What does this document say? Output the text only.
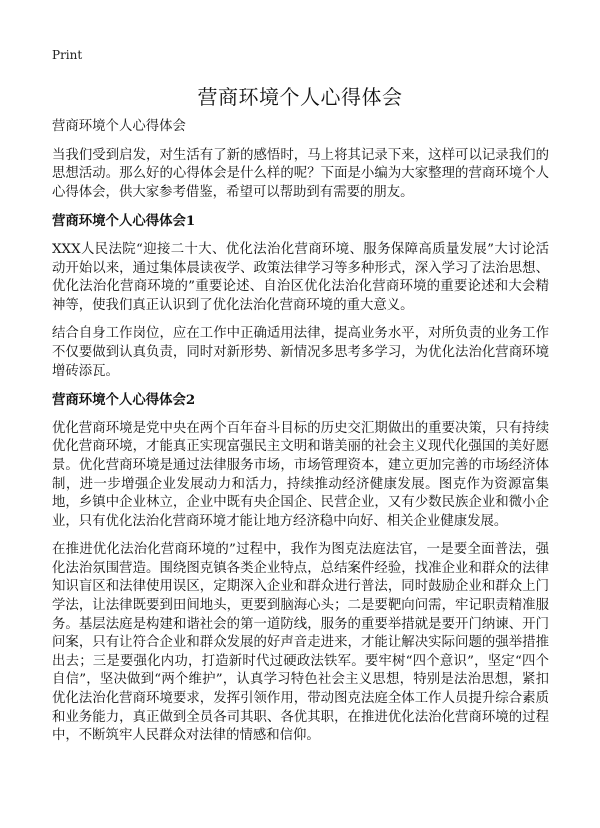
Print
营商环境个人心得体会

营商环境个人心得体会

当我们受到启发，对生活有了新的感悟时，马上将其记录下来，这样可以记录我们的思想活动。那么好的心得体会是什么样的呢？下面是小编为大家整理的营商环境个人心得体会，供大家参考借鉴，希望可以帮助到有需要的朋友。

营商环境个人心得体会1

XXX人民法院“迎接二十大、优化法治化营商环境、服务保障高质量发展”大讨论活动开始以来，通过集体晨读夜学、政策法律学习等多种形式，深入学习了法治思想、优化法治化营商环境的”重要论述、自治区优化法治化营商环境的重要论述和大会精神等，使我们真正认识到了优化法治化营商环境的重大意义。

结合自身工作岗位，应在工作中正确适用法律，提高业务水平，对所负责的业务工作不仅要做到认真负责，同时对新形势、新情况多思考多学习，为优化法治化营商环境增砖添瓦。

营商环境个人心得体会2

优化营商环境是党中央在两个百年奋斗目标的历史交汇期做出的重要决策，只有持续优化营商环境，才能真正实现富强民主文明和谐美丽的社会主义现代化强国的美好愿景。优化营商环境是通过法律服务市场，市场管理资本，建立更加完善的市场经济体制，进一步增强企业发展动力和活力，持续推动经济健康发展。图克作为资源富集地，乡镇中企业林立，企业中既有央企国企、民营企业，又有少数民族企业和微小企业，只有优化法治化营商环境才能让地方经济稳中向好、相关企业健康发展。

在推进优化法治化营商环境的”过程中，我作为图克法庭法官，一是要全面普法，强化法治氛围营造。围绕图克镇各类企业特点，总结案件经验，找准企业和群众的法律知识盲区和法律使用误区，定期深入企业和群众进行普法，同时鼓励企业和群众上门学法，让法律既要到田间地头，更要到脑海心头；二是要靶向问需，牢记职责精准服务。基层法庭是构建和谐社会的第一道防线，服务的重要举措就是要开门纳谏、开门问案，只有让符合企业和群众发展的好声音走进来，才能让解决实际问题的强举措推出去；三是要强化内功，打造新时代过硬政法铁军。要牢树“四个意识”，坚定“四个自信”，坚决做到“两个维护”，认真学习特色社会主义思想，特别是法治思想，紧扣优化法治化营商环境要求，发挥引领作用，带动图克法庭全体工作人员提升综合素质和业务能力，真正做到全员各司其职、各优其职，在推进优化法治化营商环境的过程中，不断筑牢人民群众对法律的情感和信仰。
